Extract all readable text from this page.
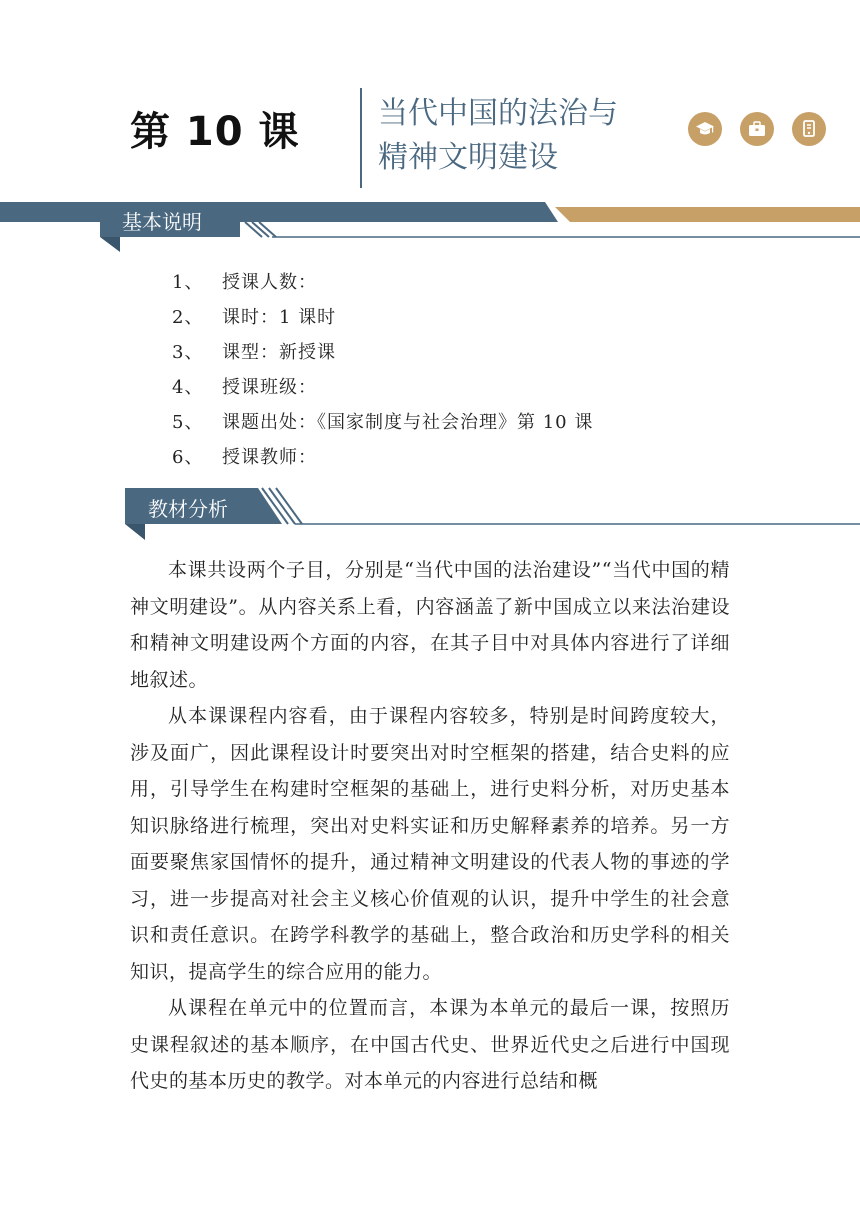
第 10 课	当代中国的法治与
精神文明建设
基本说明
1、 授课人数：
2、 课时：1 课时
3、 课型：新授课
4、 授课班级：
5、 课题出处：《国家制度与社会治理》第 10 课
6、 授课教师：
教材分析

本课共设两个子目，分别是“当代中国的法治建设”“当代中国的精神文明建设”。从内容关系上看，内容涵盖了新中国成立以来法治建设和精神文明建设两个方面的内容，在其子目中对具体内容进行了详细地叙述。

从本课课程内容看，由于课程内容较多，特别是时间跨度较大，涉及面广，因此课程设计时要突出对时空框架的搭建，结合史料的应用，引导学生在构建时空框架的基础上，进行史料分析，对历史基本知识脉络进行梳理，突出对史料实证和历史解释素养的培养。另一方面要聚焦家国情怀的提升，通过精神文明建设的代表人物的事迹的学习，进一步提高对社会主义核心价值观的认识，提升中学生的社会意识和责任意识。在跨学科教学的基础上，整合政治和历史学科的相关知识，提高学生的综合应用的能力。

从课程在单元中的位置而言，本课为本单元的最后一课，按照历史课程叙述的基本顺序，在中国古代史、世界近代史之后进行中国现代史的基本历史的教学。对本单元的内容进行总结和概
